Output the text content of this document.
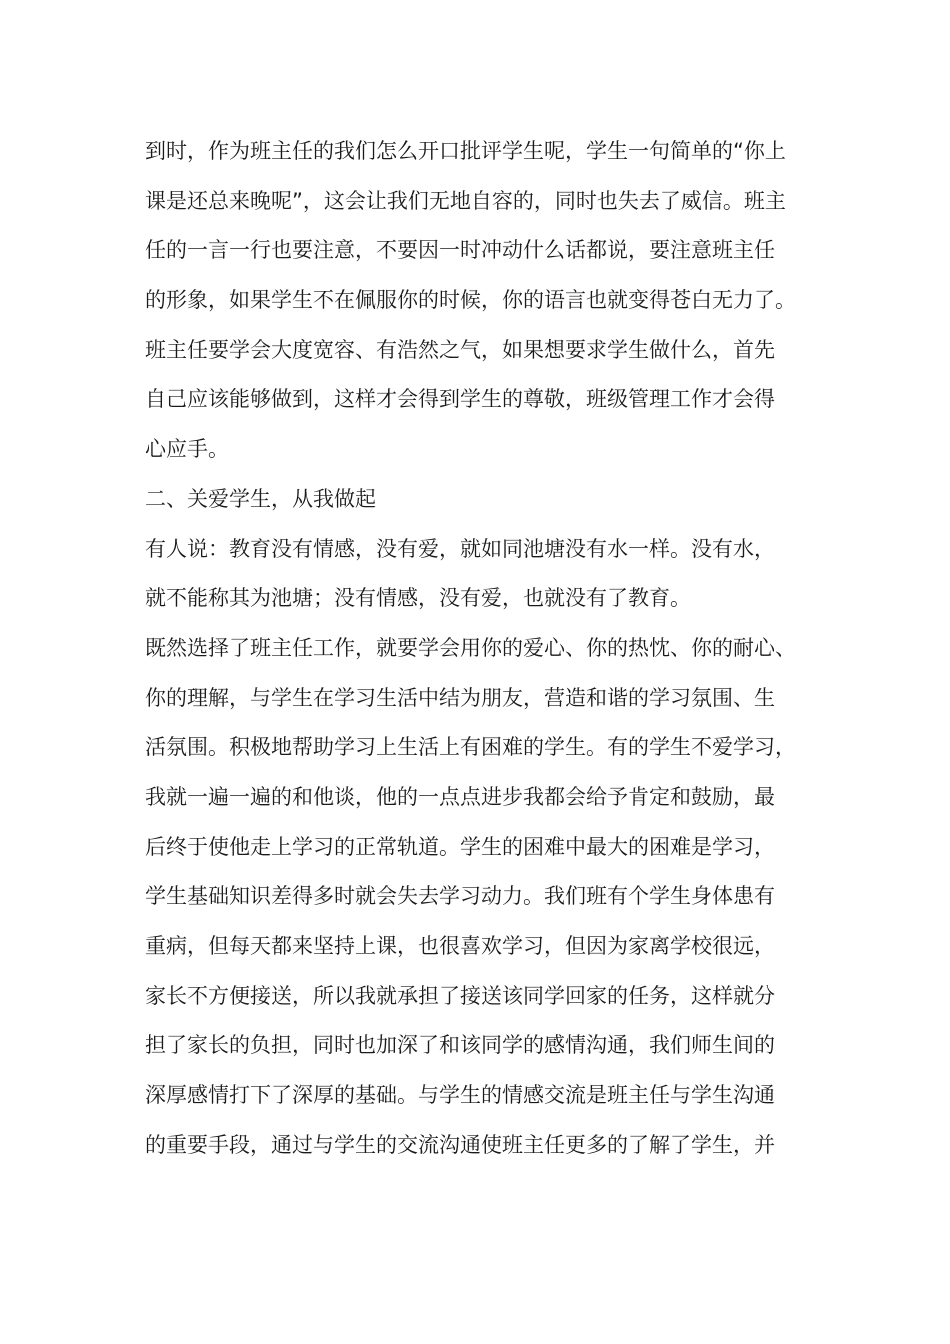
到时，作为班主任的我们怎么开口批评学生呢，学生一句简单的“你上
课是还总来晚呢”，这会让我们无地自容的，同时也失去了威信。班主
任的一言一行也要注意，不要因一时冲动什么话都说，要注意班主任
的形象，如果学生不在佩服你的时候，你的语言也就变得苍白无力了。
班主任要学会大度宽容、有浩然之气，如果想要求学生做什么，首先
自己应该能够做到，这样才会得到学生的尊敬，班级管理工作才会得
心应手。

二、关爱学生，从我做起

有人说：教育没有情感，没有爱，就如同池塘没有水一样。没有水，
就不能称其为池塘；没有情感，没有爱，也就没有了教育。

既然选择了班主任工作，就要学会用你的爱心、你的热忱、你的耐心、
你的理解，与学生在学习生活中结为朋友，营造和谐的学习氛围、生
活氛围。积极地帮助学习上生活上有困难的学生。有的学生不爱学习，
我就一遍一遍的和他谈，他的一点点进步我都会给予肯定和鼓励，最
后终于使他走上学习的正常轨道。学生的困难中最大的困难是学习，
学生基础知识差得多时就会失去学习动力。我们班有个学生身体患有
重病，但每天都来坚持上课，也很喜欢学习，但因为家离学校很远，
家长不方便接送，所以我就承担了接送该同学回家的任务，这样就分
担了家长的负担，同时也加深了和该同学的感情沟通，我们师生间的
深厚感情打下了深厚的基础。与学生的情感交流是班主任与学生沟通
的重要手段，通过与学生的交流沟通使班主任更多的了解了学生，并
